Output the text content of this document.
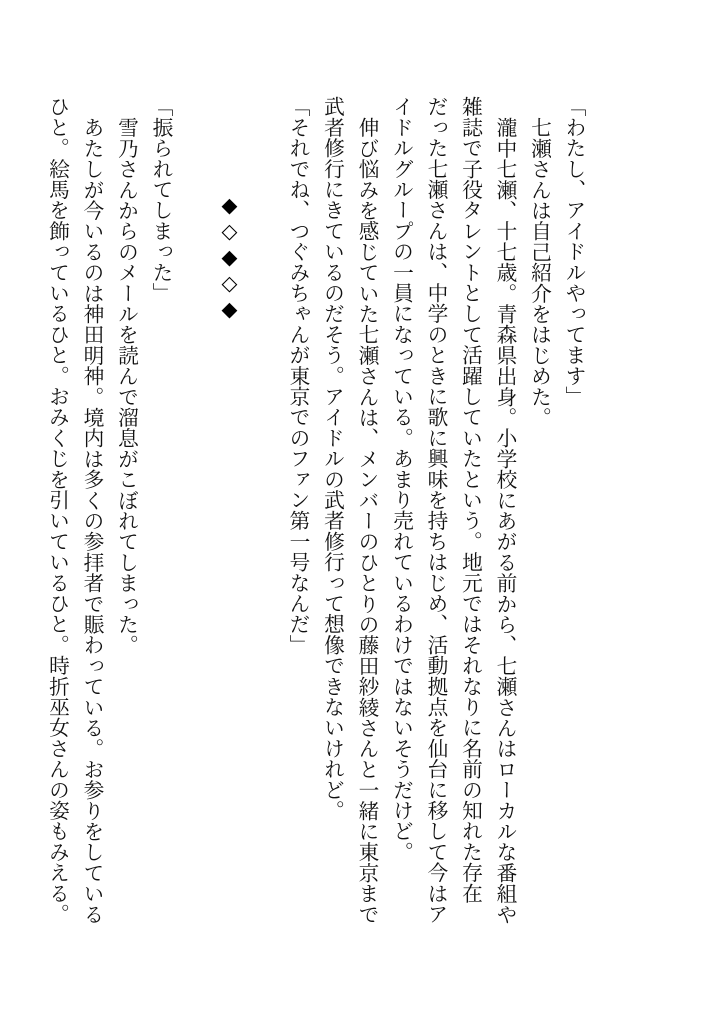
「わたし、アイドルやってます」

七瀬さんは自己紹介をはじめた。

瀧中七瀬、十七歳。青森県出身。小学校にあがる前から、七瀬さんはローカルな番組や雑誌で子役タレントとして活躍していたという。地元ではそれなりに名前の知れた存在だった七瀬さんは、中学のときに歌に興味を持ちはじめ、活動拠点を仙台に移して今はアイドルグループの一員になっている。あまり売れているわけではないそうだけど。

伸び悩みを感じていた七瀬さんは、メンバーのひとりの藤田紗綾さんと一緒に東京まで武者修行にきているのだそう。アイドルの武者修行って想像できないけれど。

「それでね、つぐみちゃんが東京でのファン第一号なんだ」

◆◇◆◇◆

「振られてしまった」

雪乃さんからのメールを読んで溜息がこぼれてしまった。

あたしが今いるのは神田明神。境内は多くの参拝者で賑わっている。お参りをしているひと。絵馬を飾っているひと。おみくじを引いているひと。時折巫女さんの姿もみえる。
